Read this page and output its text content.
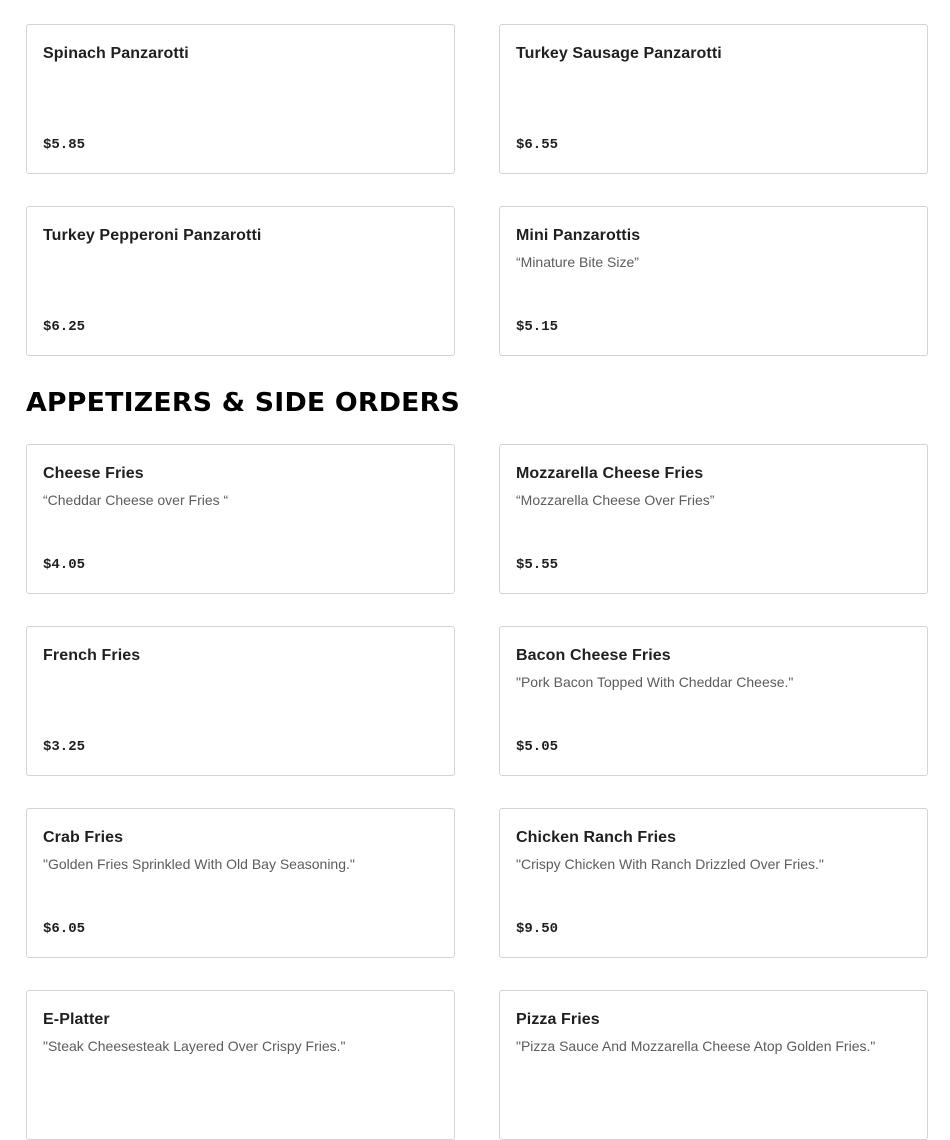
Spinach Panzarotti
$5.85
Turkey Sausage Panzarotti
$6.55
Turkey Pepperoni Panzarotti
$6.25
Mini Panzarottis
“Minature Bite Size”
$5.15
APPETIZERS & SIDE ORDERS
Cheese Fries
“Cheddar Cheese over Fries “
$4.05
Mozzarella Cheese Fries
“Mozzarella Cheese Over Fries”
$5.55
French Fries
$3.25
Bacon Cheese Fries
"Pork Bacon Topped With Cheddar Cheese."
$5.05
Crab Fries
"Golden Fries Sprinkled With Old Bay Seasoning."
$6.05
Chicken Ranch Fries
"Crispy Chicken With Ranch Drizzled Over Fries."
$9.50
E-Platter
"Steak Cheesesteak Layered Over Crispy Fries."
Pizza Fries
"Pizza Sauce And Mozzarella Cheese Atop Golden Fries."
